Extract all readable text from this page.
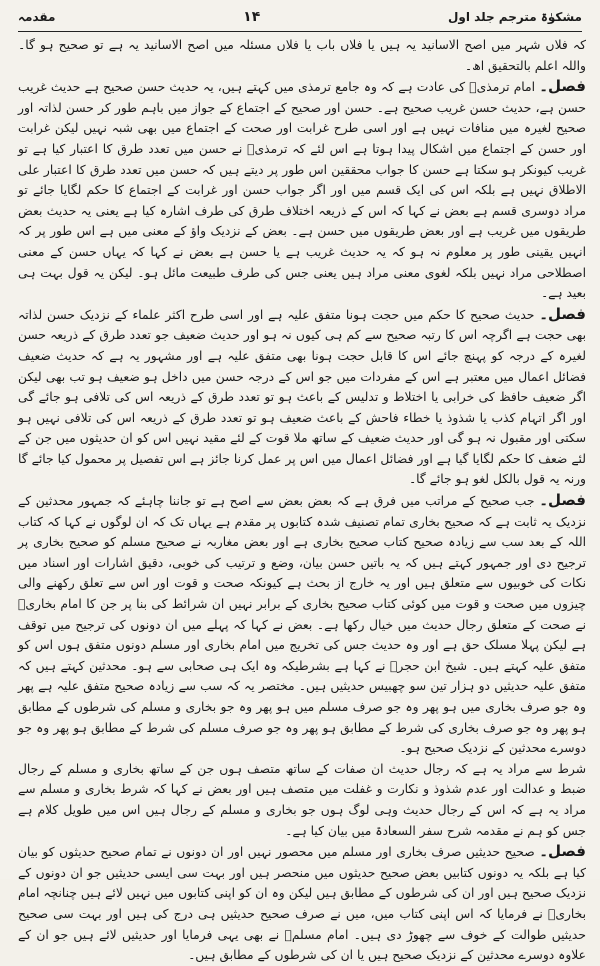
مشکوٰۃ مترجم جلد اول
۱۴
مقدمہ

کہ فلاں شہر میں اصح الاسانید یہ ہیں یا فلاں باب یا فلاں مسئلہ میں اصح الاسانید یہ ہے تو صحیح ہو گا۔ واللہ اعلم بالتحقیق اھ۔

فصل۔ امام ترمذیؒ کی عادت ہے کہ وہ جامع ترمذی میں کہتے ہیں، یہ حدیث حسن صحیح ہے حدیث غریب حسن ہے، حدیث حسن غریب صحیح ہے۔ حسن اور صحیح کے اجتماع کے جواز میں باہم طور کر حسن لذاتہ اور صحیح لغیرہ میں منافات نہیں ہے اور اسی طرح غرابت اور صحت کے اجتماع میں بھی شبہ نہیں لیکن غرابت اور حسن کے اجتماع میں اشکال پیدا ہوتا ہے اس لئے کہ ترمذیؒ نے حسن میں تعدد طرق کا اعتبار کیا ہے تو غریب کیونکر ہو سکتا ہے حسن کا جواب محققین اس طور پر دیتے ہیں کہ حسن میں تعدد طرق کا اعتبار علی الاطلاق نہیں ہے بلکہ اس کی ایک قسم میں اور اگر جواب حسن اور غرابت کے اجتماع کا حکم لگایا جائے تو مراد دوسری قسم ہے بعض نے کہا کہ اس کے ذریعہ اختلاف طرق کی طرف اشارہ کیا ہے یعنی یہ حدیث بعض طریقوں میں غریب ہے اور بعض طریقوں میں حسن ہے۔ بعض کے نزدیک واؤ کے معنی میں ہے اس طور پر کہ انہیں یقینی طور پر معلوم نہ ہو کہ یہ حدیث غریب ہے یا حسن ہے بعض نے کہا کہ یہاں حسن کے معنی اصطلاحی مراد نہیں بلکہ لغوی معنی مراد ہیں یعنی جس کی طرف طبیعت مائل ہو۔ لیکن یہ قول بہت ہی بعید ہے۔

فصل۔ حدیث صحیح کا حکم میں حجت ہونا متفق علیہ ہے اور اسی طرح اکثر علماء کے نزدیک حسن لذاتہ بھی حجت ہے اگرچہ اس کا رتبہ صحیح سے کم ہی کیوں نہ ہو اور حدیث ضعیف جو تعدد طرق کے ذریعہ حسن لغیرہ کے درجہ کو پہنچ جائے اس کا قابل حجت ہونا بھی متفق علیہ ہے اور مشہور یہ ہے کہ حدیث ضعیف فضائل اعمال میں معتبر ہے اس کے مفردات میں جو اس کے درجہ حسن میں داخل ہو ضعیف ہو تب بھی لیکن اگر ضعیف حافظ کی خرابی یا اختلاط و تدلیس کے باعث ہو تو تعدد طرق کے ذریعہ اس کی تلافی ہو جائے گی اور اگر اتہام کذب یا شذوذ یا خطاء فاحش کے باعث ضعیف ہو تو تعدد طرق کے ذریعہ اس کی تلافی نہیں ہو سکتی اور مقبول نہ ہو گی اور حدیث ضعیف کے ساتھ ملا قوت کے لئے مقید نہیں اس کو ان حدیثوں میں جن کے لئے ضعف کا حکم لگایا گیا ہے اور فضائل اعمال میں اس پر عمل کرنا جائز ہے اس تفصیل پر محمول کیا جائے گا ورنہ یہ قول بالکل لغو ہو جائے گا۔

فصل۔ جب صحیح کے مراتب میں فرق ہے کہ بعض بعض سے اصح ہے تو جاننا چاہئے کہ جمہور محدثین کے نزدیک یہ ثابت ہے کہ صحیح بخاری تمام تصنیف شدہ کتابوں پر مقدم ہے یہاں تک کہ ان لوگوں نے کہا کہ کتاب اللہ کے بعد سب سے زیادہ صحیح کتاب صحیح بخاری ہے اور بعض مغاربہ نے صحیح مسلم کو صحیح بخاری پر ترجیح دی اور جمہور کہتے ہیں کہ یہ باتیں حسن بیان، وضع و ترتیب کی خوبی، دقیق اشارات اور اسناد میں نکات کی خوبیوں سے متعلق ہیں اور یہ خارج از بحث ہے کیونکہ صحت و قوت اور اس سے تعلق رکھنے والی چیزوں میں صحت و قوت میں کوئی کتاب صحیح بخاری کے برابر نہیں ان شرائط کی بنا پر جن کا امام بخاریؒ نے صحت کے متعلق رجال حدیث میں خیال رکھا ہے۔ بعض نے کہا کہ پہلے میں ان دونوں کی ترجیح میں توقف ہے لیکن پہلا مسلک حق ہے اور وہ حدیث جس کی تخریج میں امام بخاری اور مسلم دونوں متفق ہوں اس کو متفق علیہ کہتے ہیں۔ شیخ ابن حجرؒ نے کہا ہے بشرطیکہ وہ ایک ہی صحابی سے ہو۔ محدثین کہتے ہیں کہ متفق علیہ حدیثیں دو ہزار تین سو چھبیس حدیثیں ہیں۔ مختصر یہ کہ سب سے زیادہ صحیح متفق علیہ ہے پھر وہ جو صرف بخاری میں ہو پھر وہ جو صرف مسلم میں ہو پھر وہ جو بخاری و مسلم کی شرطوں کے مطابق ہو پھر وہ جو صرف بخاری کی شرط کے مطابق ہو پھر وہ جو صرف مسلم کی شرط کے مطابق ہو پھر وہ جو دوسرے محدثین کے نزدیک صحیح ہو۔

شرط سے مراد یہ ہے کہ رجال حدیث ان صفات کے ساتھ متصف ہوں جن کے ساتھ بخاری و مسلم کے رجال ضبط و عدالت اور عدم شذوذ و نکارت و غفلت میں متصف ہیں اور بعض نے کہا کہ شرط بخاری و مسلم سے مراد یہ ہے کہ اس کے رجال حدیث وہی لوگ ہوں جو بخاری و مسلم کے رجال ہیں اس میں طویل کلام ہے جس کو ہم نے مقدمہ شرح سفر السعادۃ میں بیان کیا ہے۔

فصل۔ صحیح حدیثیں صرف بخاری اور مسلم میں محصور نہیں اور ان دونوں نے تمام صحیح حدیثوں کو بیان کیا ہے بلکہ یہ دونوں کتابیں بعض صحیح حدیثوں میں منحصر ہیں اور بہت سی ایسی حدیثیں جو ان دونوں کے نزدیک صحیح ہیں اور ان کی شرطوں کے مطابق ہیں لیکن وہ ان کو اپنی کتابوں میں نہیں لائے ہیں چنانچہ امام بخاریؒ نے فرمایا کہ اس اپنی کتاب میں، میں نے صرف صحیح حدیثیں ہی درج کی ہیں اور بہت سی صحیح حدیثیں طوالت کے خوف سے چھوڑ دی ہیں۔ امام مسلمؒ نے بھی یہی فرمایا اور حدیثیں لائے ہیں جو ان کے علاوہ دوسرے محدثین کے نزدیک صحیح ہیں یا ان کی شرطوں کے مطابق ہیں۔
